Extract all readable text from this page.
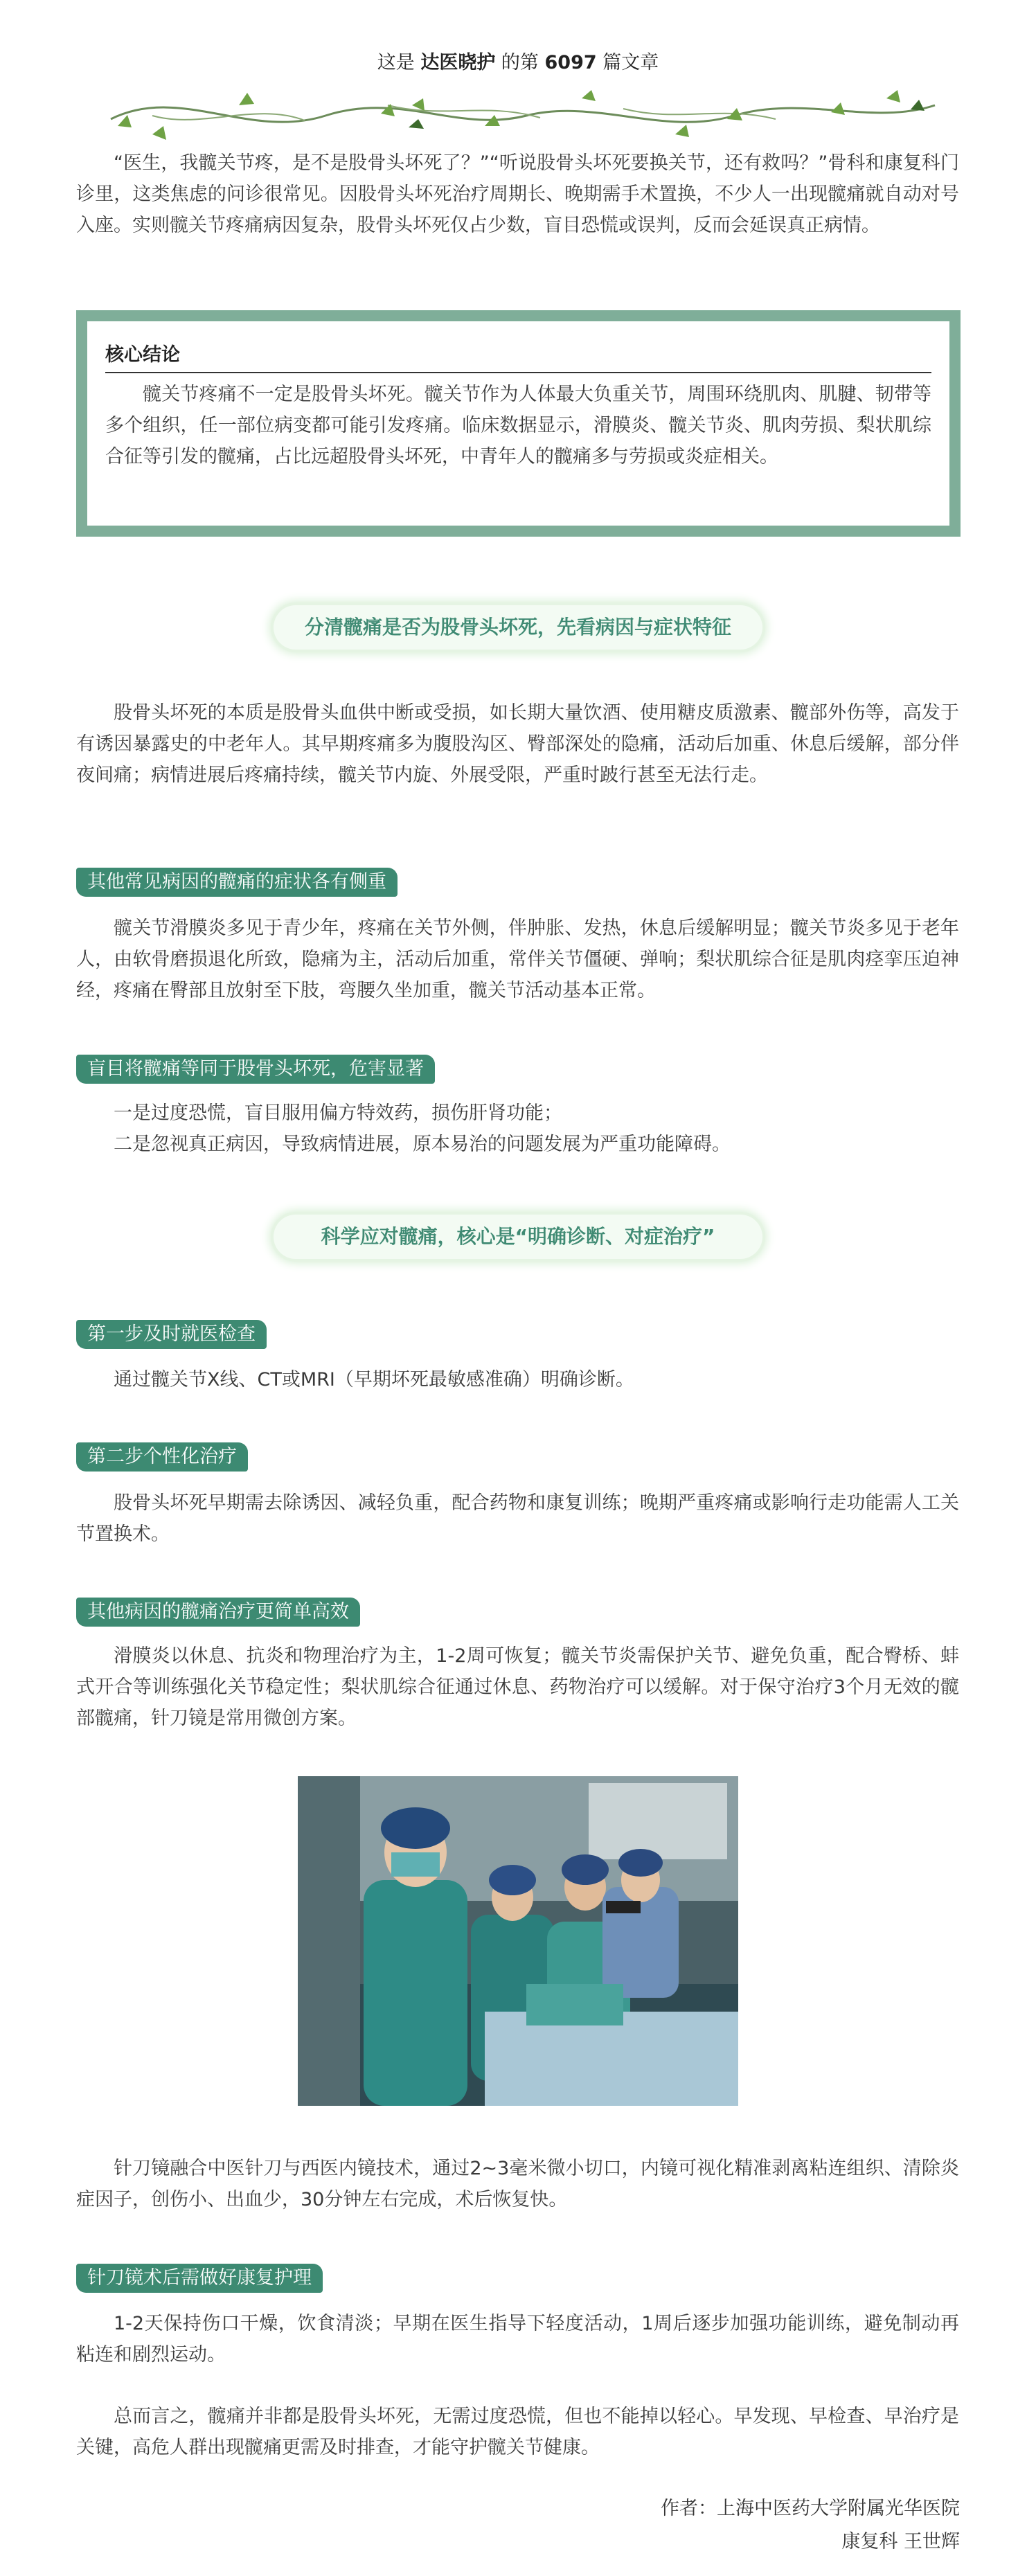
这是 达医晓护 的第 6097 篇文章
“医生，我髋关节疼，是不是股骨头坏死了？”“听说股骨头坏死要换关节，还有救吗？”骨科和康复科门诊里，这类焦虑的问诊很常见。因股骨头坏死治疗周期长、晚期需手术置换，不少人一出现髋痛就自动对号入座。实则髋关节疼痛病因复杂，股骨头坏死仅占少数，盲目恐慌或误判，反而会延误真正病情。
核心结论
髋关节疼痛不一定是股骨头坏死。髋关节作为人体最大负重关节，周围环绕肌肉、肌腱、韧带等多个组织，任一部位病变都可能引发疼痛。临床数据显示，滑膜炎、髋关节炎、肌肉劳损、梨状肌综合征等引发的髋痛，占比远超股骨头坏死，中青年人的髋痛多与劳损或炎症相关。
分清髋痛是否为股骨头坏死，先看病因与症状特征
股骨头坏死的本质是股骨头血供中断或受损，如长期大量饮酒、使用糖皮质激素、髋部外伤等，高发于有诱因暴露史的中老年人。其早期疼痛多为腹股沟区、臀部深处的隐痛，活动后加重、休息后缓解，部分伴夜间痛；病情进展后疼痛持续，髋关节内旋、外展受限，严重时跛行甚至无法行走。
其他常见病因的髋痛的症状各有侧重
髋关节滑膜炎多见于青少年，疼痛在关节外侧，伴肿胀、发热，休息后缓解明显；髋关节炎多见于老年人，由软骨磨损退化所致，隐痛为主，活动后加重，常伴关节僵硬、弹响；梨状肌综合征是肌肉痉挛压迫神经，疼痛在臀部且放射至下肢，弯腰久坐加重，髋关节活动基本正常。
盲目将髋痛等同于股骨头坏死，危害显著
一是过度恐慌，盲目服用偏方特效药，损伤肝肾功能；
二是忽视真正病因，导致病情进展，原本易治的问题发展为严重功能障碍。
科学应对髋痛，核心是“明确诊断、对症治疗”
第一步及时就医检查
通过髋关节X线、CT或MRI（早期坏死最敏感准确）明确诊断。
第二步个性化治疗
股骨头坏死早期需去除诱因、减轻负重，配合药物和康复训练；晚期严重疼痛或影响行走功能需人工关节置换术。
其他病因的髋痛治疗更简单高效
滑膜炎以休息、抗炎和物理治疗为主，1-2周可恢复；髋关节炎需保护关节、避免负重，配合臀桥、蚌式开合等训练强化关节稳定性；梨状肌综合征通过休息、药物治疗可以缓解。对于保守治疗3个月无效的髋部髋痛，针刀镜是常用微创方案。
针刀镜融合中医针刀与西医内镜技术，通过2~3毫米微小切口，内镜可视化精准剥离粘连组织、清除炎症因子，创伤小、出血少，30分钟左右完成，术后恢复快。
针刀镜术后需做好康复护理
1-2天保持伤口干燥，饮食清淡；早期在医生指导下轻度活动，1周后逐步加强功能训练，避免制动再粘连和剧烈运动。
总而言之，髋痛并非都是股骨头坏死，无需过度恐慌，但也不能掉以轻心。早发现、早检查、早治疗是关键，高危人群出现髋痛更需及时排查，才能守护髋关节健康。
作者：上海中医药大学附属光华医院
康复科 王世辉
